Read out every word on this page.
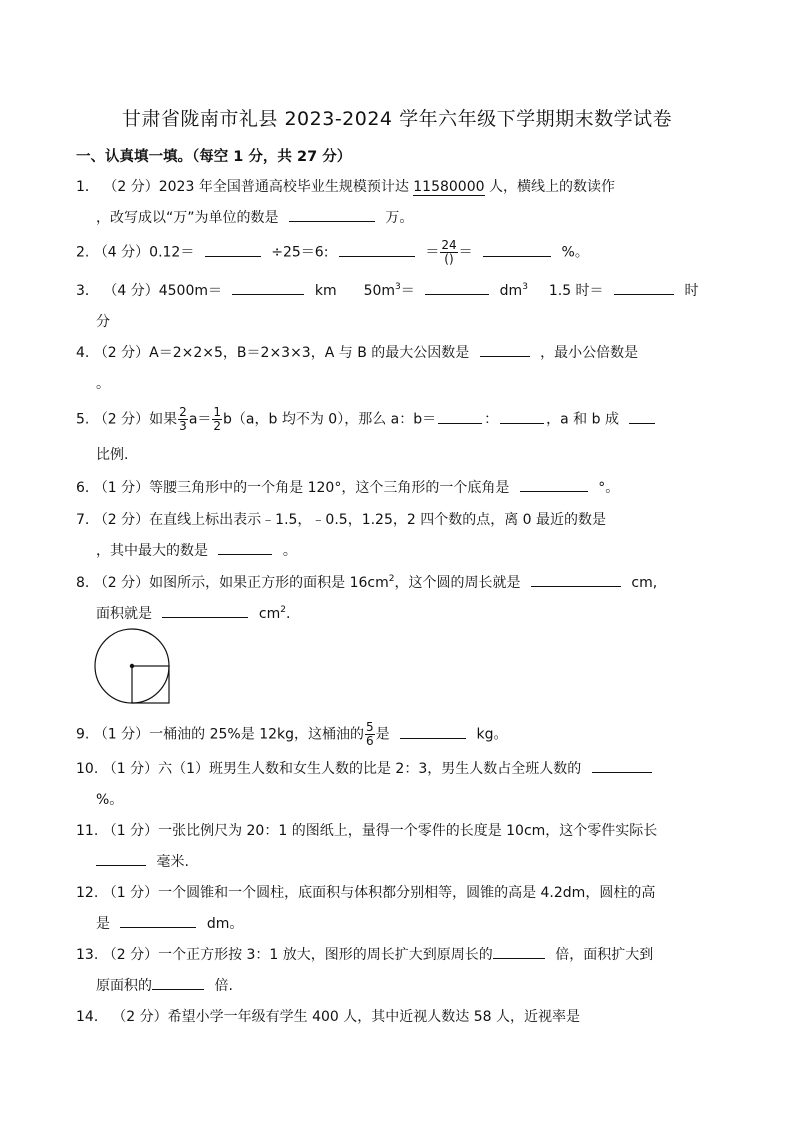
甘肃省陇南市礼县 2023-2024 学年六年级下学期期末数学试卷
一、认真填一填。（每空 1 分，共 27 分）
1． （2 分）2023 年全国普通高校毕业生规模预计达 11580000 人，横线上的数读作
，改写成以“万”为单位的数是	万。
2. （4 分）0.12＝	÷25＝6:	＝ $\frac{24}{()}$ ＝	%。
3． （4 分）4500m＝	km $50m^3=$	$dm^3$ 1.5 时＝	时
分
4. （2 分）A＝2×2×5，B＝2×3×3，A 与 B 的最大公因数是	，最小公倍数是
。
5. （2 分）如果 $\frac{2}{3} a= \frac{1}{2} b(a$，b 均不为 0），那么 a：b＝	：	，a 和 b 成
比例.
6. （1 分）等腰三角形中的一个角是 120°，这个三角形的一个底角是	°。
7. （2 分）在直线上标出表示﹣1.5，﹣0.5，1.25，2 四个数的点，离 0 最近的数是
，其中最大的数是	。
8. （2 分）如图所示，如果正方形的面积是 $16cm^2$，这个圆的周长就是	cm,
面积就是	$cm^2$.
9. （1 分）一桶油的 25%是 12kg，这桶油的 $\frac{5}{6}$ 是	kg。
10. （1 分）六（1）班男生人数和女生人数的比是 2：3，男生人数占全班人数的
%。
11. （1 分）一张比例尺为 20：1 的图纸上，量得一个零件的长度是 10cm，这个零件实际长
毫米.
12. （1 分）一个圆锥和一个圆柱，底面积与体积都分别相等，圆锥的高是 4.2dm，圆柱的高
是	dm。
13. （2 分）一个正方形按 3：1 放大，图形的周长扩大到原周长的	倍，面积扩大到
原面积的	倍.
14． （2 分）希望小学一年级有学生 400 人，其中近视人数达 58 人，近视率是
